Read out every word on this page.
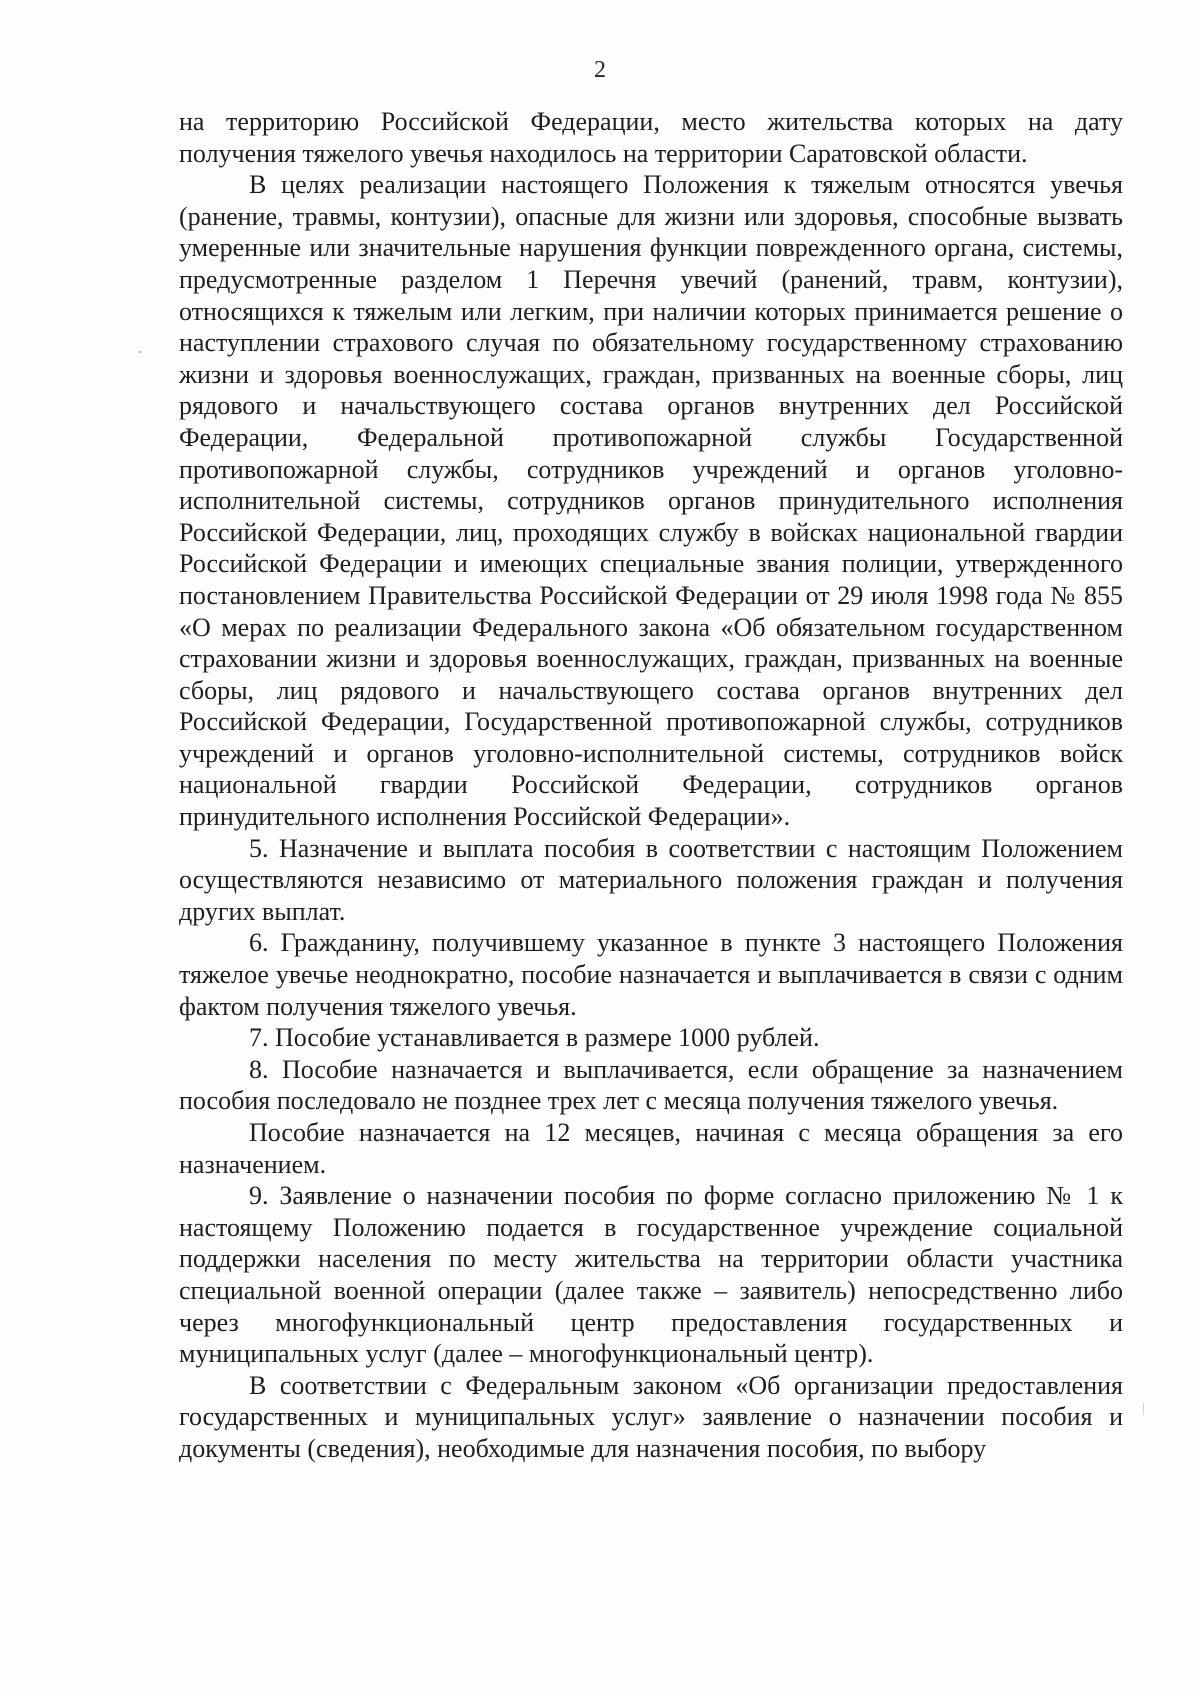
2

на территорию Российской Федерации, место жительства которых на дату получения тяжелого увечья находилось на территории Саратовской области.

В целях реализации настоящего Положения к тяжелым относятся увечья (ранение, травмы, контузии), опасные для жизни или здоровья, способные вызвать умеренные или значительные нарушения функции поврежденного органа, системы, предусмотренные разделом 1 Перечня увечий (ранений, травм, контузии), относящихся к тяжелым или легким, при наличии которых принимается решение о наступлении страхового случая по обязательному государственному страхованию жизни и здоровья военнослужащих, граждан, призванных на военные сборы, лиц рядового и начальствующего состава органов внутренних дел Российской Федерации, Федеральной противопожарной службы Государственной противопожарной службы, сотрудников учреждений и органов уголовно-исполнительной системы, сотрудников органов принудительного исполнения Российской Федерации, лиц, проходящих службу в войсках национальной гвардии Российской Федерации и имеющих специальные звания полиции, утвержденного постановлением Правительства Российской Федерации от 29 июля 1998 года № 855 «О мерах по реализации Федерального закона «Об обязательном государственном страховании жизни и здоровья военнослужащих, граждан, призванных на военные сборы, лиц рядового и начальствующего состава органов внутренних дел Российской Федерации, Государственной противопожарной службы, сотрудников учреждений и органов уголовно-исполнительной системы, сотрудников войск национальной гвардии Российской Федерации, сотрудников органов принудительного исполнения Российской Федерации».

5. Назначение и выплата пособия в соответствии с настоящим Положением осуществляются независимо от материального положения граждан и получения других выплат.

6. Гражданину, получившему указанное в пункте 3 настоящего Положения тяжелое увечье неоднократно, пособие назначается и выплачивается в связи с одним фактом получения тяжелого увечья.

7. Пособие устанавливается в размере 1000 рублей.

8. Пособие назначается и выплачивается, если обращение за назначением пособия последовало не позднее трех лет с месяца получения тяжелого увечья.

Пособие назначается на 12 месяцев, начиная с месяца обращения за его назначением.

9. Заявление о назначении пособия по форме согласно приложению № 1 к настоящему Положению подается в государственное учреждение социальной поддержки населения по месту жительства на территории области участника специальной военной операции (далее также – заявитель) непосредственно либо через многофункциональный центр предоставления государственных и муниципальных услуг (далее – многофункциональный центр).

В соответствии с Федеральным законом «Об организации предоставления государственных и муниципальных услуг» заявление о назначении пособия и документы (сведения), необходимые для назначения пособия, по выбору
